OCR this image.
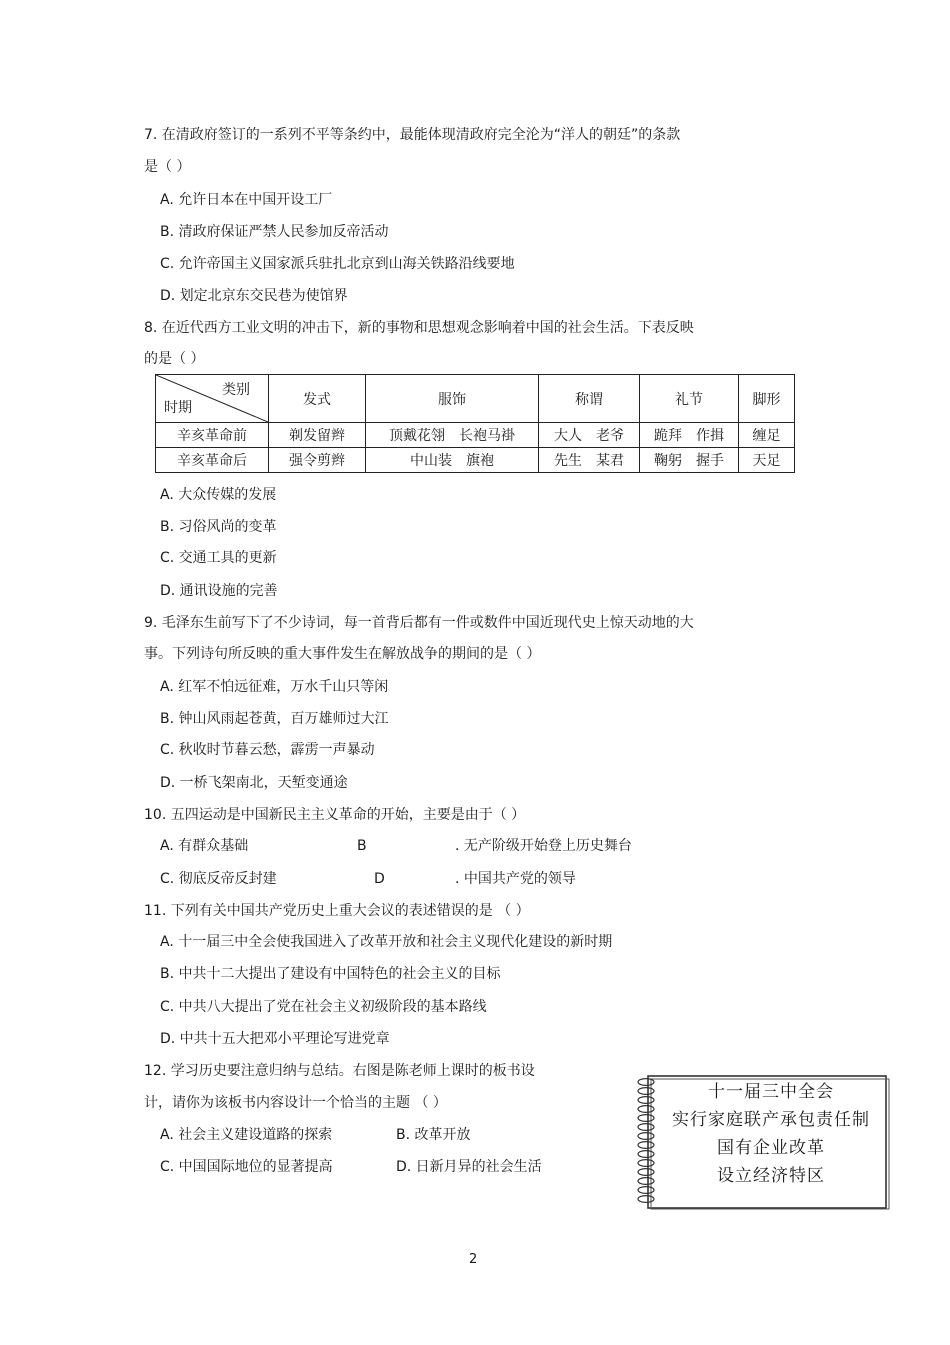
7. 在清政府签订的一系列不平等条约中，最能体现清政府完全沦为“洋人的朝廷”的条款
是（ ）
A. 允许日本在中国开设工厂
B. 清政府保证严禁人民参加反帝活动
C. 允许帝国主义国家派兵驻扎北京到山海关铁路沿线要地
D. 划定北京东交民巷为使馆界
8. 在近代西方工业文明的冲击下，新的事物和思想观念影响着中国的社会生活。下表反映
的是（ ）
类别
时期	发式	服饰	称谓	礼节	脚形
辛亥革命前	剃发留辫	顶戴花翎 长袍马褂	大人 老爷	跪拜 作揖	缠足
辛亥革命后	强令剪辫	中山装 旗袍	先生 某君	鞠躬 握手	天足
A. 大众传媒的发展
B. 习俗风尚的变革
C. 交通工具的更新
D. 通讯设施的完善
9. 毛泽东生前写下了不少诗词，每一首背后都有一件或数件中国近现代史上惊天动地的大
事。下列诗句所反映的重大事件发生在解放战争的期间的是（ ）
A. 红军不怕远征难，万水千山只等闲
B. 钟山风雨起苍黄，百万雄师过大江
C. 秋收时节暮云愁，霹雳一声暴动
D. 一桥飞架南北，天堑变通途
10. 五四运动是中国新民主主义革命的开始，主要是由于（ ）
A. 有群众基础	B	. 无产阶级开始登上历史舞台
C. 彻底反帝反封建	D	. 中国共产党的领导
11. 下列有关中国共产党历史上重大会议的表述错误的是 （ ）
A. 十一届三中全会使我国进入了改革开放和社会主义现代化建设的新时期
B. 中共十二大提出了建设有中国特色的社会主义的目标
C. 中共八大提出了党在社会主义初级阶段的基本路线
D. 中共十五大把邓小平理论写进党章
12. 学习历史要注意归纳与总结。右图是陈老师上课时的板书设
计，请你为该板书内容设计一个恰当的主题 （ ）
A. 社会主义建设道路的探索	B. 改革开放
C. 中国国际地位的显著提高	D. 日新月异的社会生活
十一届三中全会
实行家庭联产承包责任制
国有企业改革
设立经济特区
2
